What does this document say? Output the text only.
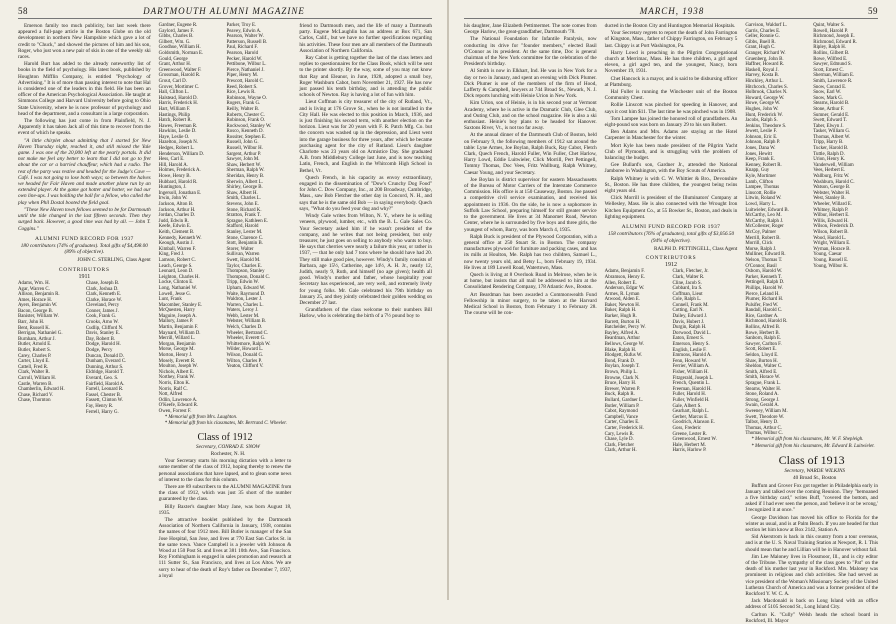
58	DARTMOUTH ALUMNI MAGAZINE

Emerson family too much publicity, but last week there appeared a full-page article in the Boston Globe on the old development in northern New Hampshire which gave a lot of credit to "Chuck," and showed the pictures of him and his son, Roger, who just won a new pair of skis in one of the weekly ski races.

Harold Burt has added to the already noteworthy list of books in the field of psychology. His latest book, published by Houghton Mifflin Company, is entitled "Psychology of Advertising." It is of more than passing interest to note that Hal is considered one of the leaders in this field. He has been an officer of the American Psychological Association. He taught at Simmons College and Harvard University before going to Ohio State University, where he is now professor of psychology and head of the department, and a consultant in a large corporation.

The following has just come in from Plainfield, N. J. Apparently it has taken Jack all of this time to recover from the event of which he speaks.

"A little chirplet about admitting that I started for New Haven Thursday night, reached it, and still missed the Yale game. I was one of the 20,000 left at the pearly portals. It did not make me feel any better to learn that I did not go to fret about the car or a harried chauffeur, which had a radio. The rest of the party was restive and headed for the Judge's Cave — Café. I was not going to lose both ways; so between the halves we headed for Fair Haven and made another plane run by an extended player. At the game got hotter and hotter, we had our own line-ups. I was holding the ball for a fellow, who called the play when Phil Dostal booted the field goal.

"These New Haven town fellows seemed to be for Dartmouth until the tide changed in the last fifteen seconds. Then they surged back. However, a good time was had by all. — John T. Coggins."

ALUMNI FUND RECORD FOR 1937
180 contributors (74% of graduates). Total gifts of $4,498.00 (89% of objective).
JOHN C. STERLING, Class Agent
CONTRIBUTORS
1911
Adams, Wm. H.
Agar, Warren C.
Allison, Benjamin R.
Ames, Horace H.
Ayers, Benjamin W.
Bacon, George B.
Banister, William W.
Barr, John H.
Bent, Russell K.
Berrigan, Nathaniel G.
Burnham, Arthur J.
Butler, Arnold E.
Butler, Robert S.
Carey, Charles P.
Carter, Lloyd E.
Cattell, Fred R.
Clark, Walter R.
Carroll, William H.
Castle, Warren B.
Chamberlin, Edward H.
Chase, Richard V.
Chase, Thornton
Chase, Joseph B.
Clark, Joshua D.
Clark, Kenneth E.
Clarke, Horace W.
Cleveland, Percy
Conner, James J.
Cook, Frank G.
Crooks, Arno W.
Cudlip, Clifford N.
Davis, Stanley E.
Day, Robert B.
Dodge, Harold H.
Dodge, Percy
Duncan, Donald D.
Dunham, Everard C.
Dunning, Arthur S.
Eldridge, Harold T.
Everard, Geo. S.
Fairfield, Harold A.
Farrell, Leonard R.
Fassel, Chester B.
Fassett, Clinton W.
Fay, Henry R.
Ferrell, Harry G.
Gardner, Eugene R.
Gaylord, James F.
Gibbs, Charles B.
Gilbert, Wm. G.
Goodhue, William H.
Goldsmith, Norman E.
Gould, George
Grant, Arthur H.
Greenwood, Walter F.
Grossman, Harold R.
Grout, Carl D.
Grover, Mortimer C.
Hall, Clifton L.
Halstead, Harold D.
Harris, Frederick H.
Hart, William F.
Hastings, Philip
Hatch, Robert R.
Hawes, Freeman R.
Hawkins, Leslie D.
Haye, Leslie O.
Hazelton, Joseph N.
Hedges, Robert L.
Henderson, William D.
Hess, Carl E.
Hill, Harold A.
Holmes, Frederick A.
Howe, Henry B.
Hubbard, Harold R.
Huntington, J.
Ingersoll, Jonathan E.
Irwin, John W.
Jackson, Alton B.
Jackson, Arthur H.
Jordan, Charles D.
Judd, Edwin R.
Keefe, Edwin E.
Keith, Clement B.
Kennedy, Kenneth W.
Keough, Austin J.
Kimball, Warren F.
King, Fred J.
Lamson, Robert C.
Leach, George S.
Leonard, Leon D.
Leighton, Charles H.
Locke, Clinton E.
Long, Nathaniel W.
Lowell, Jesse G.
Lunt, Frank
Macomber, Stanley E.
McQuesten, Harry
Maguire, Joseph A.
Mallory, James P.
Martin, Benjamin F.
Maynard, William D.
Merrill, Willard L.
Morgan, Benjamin
Morse, George M.
Morton, Henry J.
Mosely, Everett R.
Moulton, Joseph W.
Nichols, Albert E.
Northey, Frank W.
Norris, Elton K.
Norris, Ralf C.
Nott, Alfred
Odlin, Lawrence A.
O'Keefe, Edward R.
Owen, Forrest F.
Parker, Troy E.
Peavey, Edwin A.
Pearson, Walter W.
Patterson, Russell B.
Paul, Richard F.
Pearson, Harold
Pecker, Harold W.
Pettibone, Wilbur L.
Pierce, Nathaniel J.
Piper, Henry M.
Prescott, Harold C.
Reed, Robert S.
Rice, Lewis R.
Robinson, Wayne O.
Rogers, Frank G.
Reilly, Walter B.
Roberts, Chester C.
Robinson, Frank O.
Rockwood, Stanley W.
Rosco, Kenneth D.
Rossiter, Stephen E.
Russell, John G.
Russell, Wilbur H.
Sargent, Arthur P.
Sawyer, John M.
Shaw, Herbert W.
Sherman, Ralph W.
Sheridan, Henry B.
Sherwin, Albert L.
Shirley, George B.
Shaw, Albert H.
Smith, Charles L.
Stevens, John E.
Stone, Richard K.
Stratton, Frank T.
Sprague, Kathleen E.
Stafford, Harold
Stanley, Lester M.
Stone, Clarence C.
Stott, Benjamin B.
Storer, Walter
Sullivan, Warren
Swett, Harold M.
Taylor, Charles E.
Thompson, Stanley
Thompson, Donald C.
Tripp, Edwin W.
Upham, Edward W.
Waite, Raymond D.
Waldron, Lester J.
Warren, Charles L.
Waters, Leroy J.
Webb, Lester M.
Webster, William B.
Welch, Charles D.
Wheeler, Bertrand C.
Wheeler, Everett G.
Whittemore, Ralph W.
Wilder, Howard L.
Wilson, Donald G.
Wilton, Charles P.
Yeaton, Clifford V.

* Memorial gift from Mrs. Laughton.

* Memorial gift from his classmates, Mr. Bertrand C. Wheeler.

Class of 1912

Secretary, CONRAD E. SNOW

Rochester, N. H.

Your Secretary starts his morning dictation with a letter to some member of the class of 1912, hoping thereby to renew the personal associations that have lapsed, and to glean some news of interest to the class for this column.

There are 89 subscribers to the ALUMNI MAGAZINE from the class of 1912, which was just 35 short of the number guaranteed by the class.

Billy Baxter's daughter Mary Jane, was born August 18, 1935.

The attractive booklet published by the Dartmouth Association of Northern California in January, 1938, contains the names of four 1912 men. Bill Butler is manager of the San Jose Hospital, San Jose, and lives at 770 East San Carlos St. in the same town. Vance Campbell is a jeweler with Johnson & Wood at 150 Post St. and lives at 381 10th Ave., San Francisco. Roy Frothingham is engaged in sales promotion and research at 111 Sutter St., San Francisco, and lives at Los Altos. We are sorry to hear of the death of Roy's father on December 7, 1937, a loyal

friend to Dartmouth men, and the life of many a Dartmouth party. Eugene McLaughlin has an address at Box 671, San Carlos, Calif., but we have no further specifications regarding his activities. These four men are all members of the Dartmouth Association of Northern California.

Ray Cabot is getting together the last of the class letters and replies to questionnaires for the Class Book, which will be sent to the printer shortly. By the way, some of you may not know that Ray and Eleanor, in June, 1928, adopted a small boy, Roger Washburn Cabot, born November 21, 1927. He has now just passed his tenth birthday, and is attending the public schools of Newton. Ray is having a lot of fun with him.

Lieut Coffman is city treasurer of the city of Rutland, Vt., and is living at 176 Grove St., when he is not installed in the City Hall. He was elected to this position in March, 1936, and is just finishing his second term, with another election on the horizon. Lieut was for 20 years with F. R. Patch Mfg. Co. but the concern was washed up in the depression, and Lieut went into the garage business for three years, after which he became purchasing agent for the city of Rutland. Lieut's daughter Charlotte was 23 years old on Armistice Day. She graduated A.B. from Middlebury College last June, and is now teaching Latin, French, and English in the Whitcomb High School in Bethel, Vt.

Quech French, in his capacity as envoy extraordinary, engaged in the dissemination of "Dow's Crunchy Dog Food" for John C. Dow Company, Inc., at 200 Broadway, Cambridge, Mass., saw Bob Fletcher the other day in Concord, N. H., and says that he is the same old Bob — in saying everybody. Quech says, "What do you feed your dog and why?"

Windy Gale writes from Wilton, N. Y., where he is selling veneers, plywood, lumber, etc., with the B. L. Gale Sales Co. Your Secretary asked him if he wasn't president of the company, and he writes that not being president, but only treasurer, he just goes on selling to anybody who wants to buy. He says that cherries were nearly a failure this year, or rather in 1937, — that he only had 7 tons where he should have had 20. They still make good pies, however. Windy's family consists of Barbara, age 15½, Catherine, age 14½, A. H. Jr., nearly 12, Judith, nearly 9, Ruth, and himself (no age given); health all good. Windy's mother and father, whose hospitality your Secretary has experienced, are very well, and extremely lively for young folks. Mr. Gale celebrated his 79th birthday on January 25, and they jointly celebrated their golden wedding on December 27 last.

Grandfathers of the class welcome to their numbers Bill Harlow, who is celebrating the birth of a 7½ pound boy to

MARCH, 1938	59

his daughter, Jane Elizabeth Pettimermet. The note comes from George Harlow, the great-grandfather, Dartmouth '78.

The National Foundation for Infantile Paralysis, now conducting its drive for "founder members," elected Basil O'Connor as its president. At the same time, Doc is general chairman of the New York committee for the celebration of the President's birthday.

Al Smith is now in Elkhart, Ind. He was in New York for a day or two in January, and spent an evening with Dick Plumer. Dick Plumer is one of the members of the firm of Hood, Lafferty & Campbell, lawyers at 744 Broad St., Newark, N. J. Dick reports lunching with Heinie Urion in New York.

Kim Urion, son of Heinie, is in his second year at Vermont Academy, where he is active in the Dramatic Club, Glee Club, and Outing Club, and on the school magazine. He is also a ski enthusiast. Heinie's boy plans to be headed for Hanover. Saxtons River, Vt., is not too far away.

At the annual dinner of the Dartmouth Club of Boston, held on February 9, the following members of 1912 sat around the table: Lyne Armes, Joe Boylan, Ralph Buck, Ray Cabot, Fletch Clark, Quech French, Harold Fuller, Win Fuller, Chet Harlow, Harry Lowd, Eddie Luitwieler, Click Morrill, Pert Pettingell, Tommy Thomas, Doc Vees, Fritz Wallburg, Ralph Whitney, Caesar Young, and your Secretary.

Joe Boylan is district supervisor for eastern Massachusetts of the Bureau of Motor Carriers of the Interstate Commerce Commission. His office is at 150 Causeway, Boston. Joe passed a competitive civil service examination, and received his appointment in 1936. On the side, he is now a sophomore in Suffolk Law School, preparing himself for still greater service to the government. He lives at 34 Manomet Road, Newton Center, where he is surrounded by five boys and three girls, the youngest of whom, Barry, was born March 4, 1935.

Ralph Buck is president of the Plywood Corporation, with a general office at 250 Stuart St. in Boston. The company manufactures plywood for furniture and packing cases, and has its mills at Houlton, Me. Ralph has two children, Samuel L., now twenty years old, and Betsy L., born February 19, 1934. He lives at 189 Lowell Road, Watertown, Mass.

Quech is living at 8 Overlook Road in Melrose, when he is at home, but insists that all mail be addressed to him at the Consolidated Rendering Company, 178 Atlantic Ave., Boston.

Art Beardman has been awarded a Commonwealth Fund Fellowship in minor surgery, to be taken at the Harvard Medical School in Boston, from February 1 to February 28. The course will be con-

ducted in the Boston City and Huntington Memorial Hospitals.

Your Secretary regrets to report the death of John Farrington of Kingston, Mass., father of Chippy Farrington, on February 5 last. Chippy is at Port Washington, Pa.

Harry Lowd is preaching in the Pilgrim Congregational church at Merrimac, Mass. He has three children, a girl aged eleven, a girl aged ten, and the youngest, Nancy, born November 19, 1931.

Chet Hancock is a mayor, and is said to be disbursing officer at Plattsburg.

Hal Fuller is running the Winchester unit of the Boston Community Chest.

Rollie Linscott was pinched for speeding in Hanover, and says it cost him $11. The last time he was pinched was in 1908.

Tom Lampee has joined the honored roll of grandfathers. An eight-pound son was born on January 29 to his son Robert.

Ben Adams and Mrs. Adams are staying at the Hotel Carpenter in Manchester for the winter.

Mort Kyle has been made president of the Pilgrim Yacht Club of Plymouth, and is struggling with the problem of balancing the budget.

Gee Bullard's son, Gardner Jr., attended the National Jamboree in Washington, with the Boy Scouts of America.

Ralph Whitney is with C. W. Whittier & Bro., Devonshire St., Boston. He has three children, the youngest being twins eight years old.

Click Morrill is president of the Illuminators' Company at Wellesley, Mass. He is also connected with the Wrought Iron Kitchen Equipment Co., at 55 Bowker St., Boston, and deals in lighting equipment.

ALUMNI FUND RECORD FOR 1937
158 contributors (76% of graduates), total gifts of $3,056.50 (94% of objective).
RALPH D. PETTINGELL, Class Agent
CONTRIBUTORS
1912
Adams, Benjamin F.
Abramson, Henry E.
Allen, Robert E.
Anderson, Edgar W.
Armes, R. Lyman
Atwood, Alden E.
Baker, Newton H.
Baker, Ralph H.
Barker, Hugh R.
Barrett, Burton H.
Batchelder, Percy W.
Bayley, Alfred A.
Beardman, Arthur
Bellows, George W.
Blake, Ralph H.
Blodgett, Rufus W.
Bond, Frank D.
Boylan, Joseph T.
Brown, Philip L.
Browne, Clark N.
Bruce, Harry H.
Brewer, Warren P.
Buck, Ralph R.
Bullard, Gardner L.
Butler, William P.
Cabot, Raymond
Campbell, Vance
Carter, Charles E.
Carter, Frederick H.
Cary, Lewis R.
Chase, Lyle D.
Clark, Fletcher
Clark, Arthur H.
Clark, Fletcher, Jr.
Clark, Walter R.
Cline, Jacob S.
Cobbard, Ira S.
Coffman, Lieut
Cole, Ralph L.
Connell, Frank M.
Cotting, Earl N.
Dailey, Edward J.
Davis, Hubert J.
Durgin, Ralph H.
Dorwood, David L.
Eaton, Ernest S.
Emerson, Henry S.
English, Leslie F.
Emmons, Harold A.
Fenn, Howard W.
Ferrier, William A.
Fisher, William H.
Fitzgerald, Joseph L.
French, Quentin L.
Freeman, Harold H.
Fuller, Harold H.
Fuller, Winfield H.
Gale, Albert S.
Gearhart, Ralph L.
Gerber, Marcus E.
Goodrich, Alanson E.
Goss, Frederic
Greene, Lester R.
Greenwood, Ernest W.
Hale, Herbert M.
Harris, Harlow P.
Garvison, Waldorf L.
Garris, Charles E.
Geller, Ronnie G.
Gibbs, Buell R.
Grant, Hugh C.
Granger, Richard W.
Gruenberg, John B.
Haffner, Howard R.
Haskell, Royal J.
Harvey, Kosta B.
Hinckley, Arthur L.
Hitchcock, Charles S.
Holbrook, Charles N.
Howard, George W.
Howe, George W.
Hughes, John W.
Hunt, Frederick W.
Jacobs, Ralph S.
Jenkins, Theodore S.
Jewett, Leslie F.
Johnson, Eric E.
Johnson, Ralph P.
Jones, Dana W.
Jones, Hewitt
Keep, Frank E.
Kenney, Robert R.
Knapp, Guy
Kyle, Mortimer
Lamb, Clifton
Lampee, Thomas
Linscott, Rollie
Litwin, Roland W.
Lowd, Harry L.
Luitwieler, Edward B.
McCarthy, Leo M.
McCarthy, Ralph J.
McCollester, Roger
McCoy, Palmer
Merrill, Robert B.
Morrill, Click
Morse, Ralph J.
Mulliner, Edward R.
Nelson, Thomas T.
O'Connor, Basil
Osborn, Harold W.
Parker, Kenneth T.
Pettingell, Ralph D.
Phillips, Harold W.
Pierce, Leland H.
Plumer, Richard H.
Pulsifer, Fred W.
Randall, Harold C.
Rice, Gardner A.
Richmond, Harold R.
Rollins, Alfred B.
Rowe, Herbert B.
Sanborn, Ralph E.
Sawyer, Carlton F.
Scott, Robert E.
Seldon, Lloyd E.
Shaw, Burton H.
Sheldon, Walter C.
Smith, Alfred E.
Smith, Horace W.
Sprague, Frank L.
Stearns, Walter H.
Stone, Roland A.
Strong, George J.
Swain, Gerald A.
Sweeney, William M.
Swett, Theodore W.
Talbot, Henry D.
Thomas, Arthur C.
Thomas, Wilbur C.
Quint, Walter S.
Rowell, Harold P.
Richmond, Joseph E.
Richmond, Edward R.
Ripley, Ralph H.
Rollins, Gilbert B.
Rowe, Wilfred E.
Sawyer, Edmund S.
Scott, Ernest C.
Sherman, William E.
Smith, Lawrence R.
Snow, Conrad E.
Snow, Earl W.
Snow, Mark G.
Stearns, Harold B.
Stone, Arthur F.
Sumner, Gerald E.
Swett, Edward T.
Taber, Elwyn J.
Tasker, William G.
Thomas, Albert W.
Tripp, Harry B.
Tucker, Harold B.
Tuttle, Ralph D.
Urion, Henry K.
Vanderwell, William
Vees, Herbert E.
Wallburg, Fritz W.
Washburn, Harold C.
Watson, George B.
Webster, Walter H.
West, Stanley B.
Wheeler, Willard E.
Whitney, Ralph P.
Wilbur, Herbert E.
Willis, Edward H.
Wilson, Frederick D.
Wilson, Robert B.
Wood, Harold L.
Wright, William E.
Wyman, Horace B.
Young, Caesar
Young, Russell E.
Young, Wilbur K.

* Memorial gift from his classmates, Mr. W. F. Shepleigh.

* Memorial gift from his classmates, Mr. Edward B. Luitwieler.

Class of 1913

Secretary, WARDE WILKINS

40 Broad St., Boston

Buffum and Grover Fox got together in Philadelphia early in January and talked over the coming Reunion. They "bemoaned a five birthday card," writes Buff, "covered the bottom, and asked if I had ever seen the person, and 'believe it or be wrong,' I recognized it at once."

George Davidson has moved his office to Florida for the winter as usual, and is at Palm Beach. If you are headed for that section let him know at Box 2142, Station A.

Sid Akerstrom is back in this country from a tour overseas, and is at the U. S. Naval Training Station at Newport, R. I. This should mean that he and Lillian will be in Hanover without fail.

Jim Lee Maloney lives in Flossmoor, Ill., and is city editor of the Tribune. The sympathy of the class goes to "Pat" on the death of his mother last year in Rockford. Mrs. Maloney was prominent in religious and club activities. She had served as vice president of the Woman's Missionary Society of the United Lutheran Church of America and was a former president of the Rockford Y. W. C. A.

Jack Macdonald is back on Long Island with an office address of 5105 Second St., Long Island City.

Carlton K. "Cully" Welsh heads the school board in Rockford, Ill. Mayor
